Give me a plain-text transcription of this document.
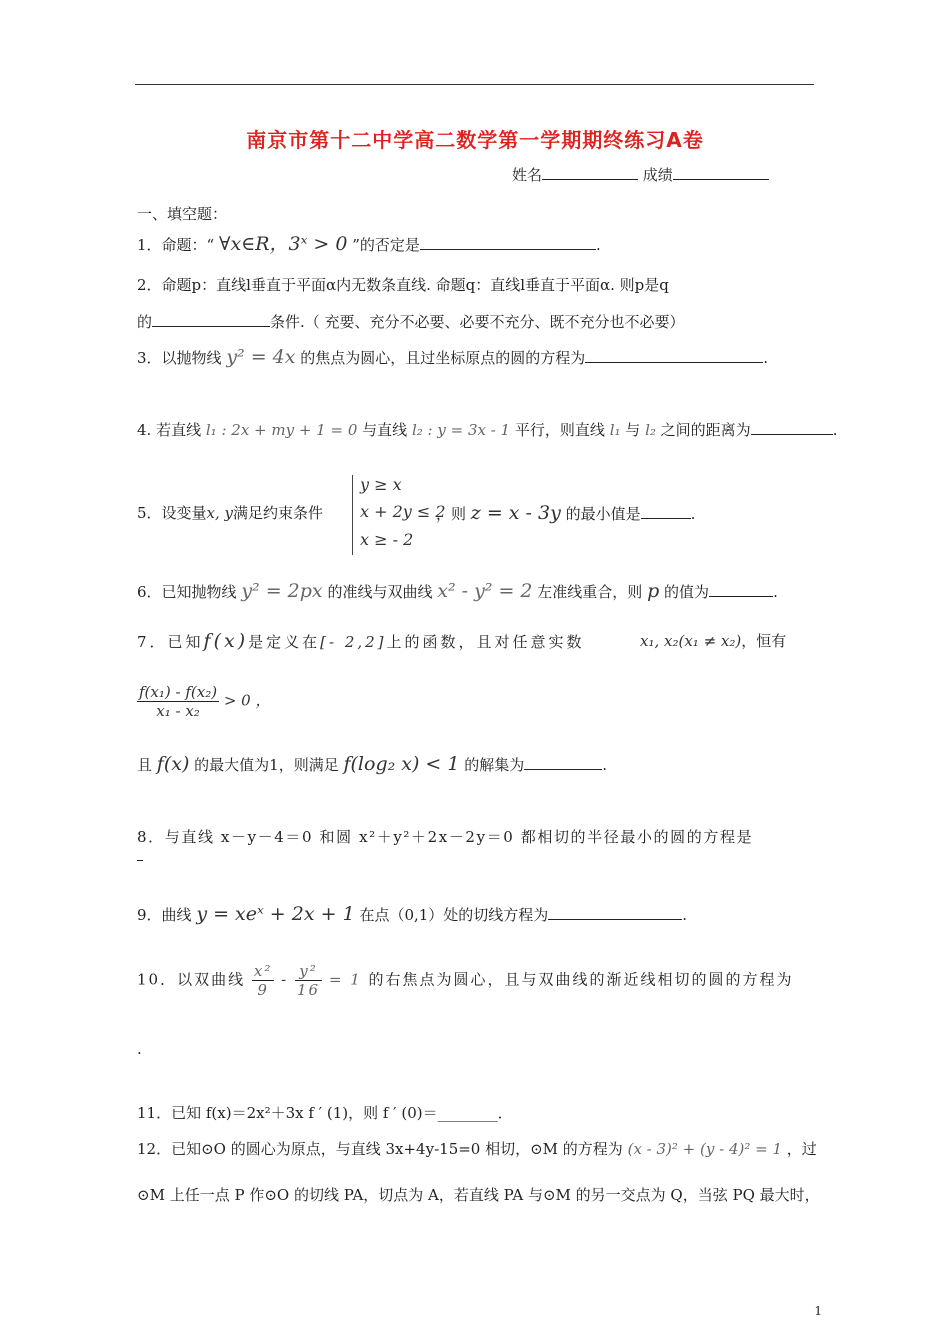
南京市第十二中学高二数学第一学期期终练习A卷
姓名	成绩
一、填空题：
1．命题：“ ∀x∈R，3ˣ > 0 ”的否定是	.
2．命题p：直线l垂直于平面α内无数条直线. 命题q：直线l垂直于平面α. 则p是q
的	条件.（ 充要、充分不必要、必要不充分、既不充分也不必要）
3．以抛物线 y² = 4x 的焦点为圆心，且过坐标原点的圆的方程为	.
4. 若直线 l₁ : 2x + my + 1 = 0 与直线 l₂ : y = 3x - 1 平行，则直线 l₁ 与 l₂ 之间的距离为	.
y ≥ x
x + 2y ≤ 2
x ≥ - 2
5．设变量x, y满足约束条件	，则 z = x - 3y 的最小值是	.
6．已知抛物线 y² = 2px 的准线与双曲线 x² - y² = 2 左准线重合，则 p 的值为	.
7．已知f(x)是定义在[- 2,2]上的函数，且对任意实数	x₁, x₂(x₁ ≠ x₂)，恒有
$\frac{\text{f(x₁) - f(x₂)}}{\text{x₁ - x₂}} > 0$ ，
且 f(x) 的最大值为1，则满足 f(log₂ x) < 1 的解集为	.
8．与直线 x－y－4＝0 和圆 x²＋y²＋2x－2y＝0 都相切的半径最小的圆的方程是
9．曲线 y = xeˣ + 2x + 1 在点（0,1）处的切线方程为	.
10．以双曲线 $\frac{\text{x²}}{9} - \frac{\text{y²}}{16} = 1$ 的右焦点为圆心，且与双曲线的渐近线相切的圆的方程为
.
11．已知 f(x)＝2x²＋3x f ′ (1)，则 f ′ (0)＝________．
12．已知⊙O 的圆心为原点，与直线 3x+4y-15=0 相切，⊙M 的方程为 (x - 3)² + (y - 4)² = 1 ，过
⊙M 上任一点 P 作⊙O 的切线 PA，切点为 A，若直线 PA 与⊙M 的另一交点为 Q，当弦 PQ 最大时，
1
